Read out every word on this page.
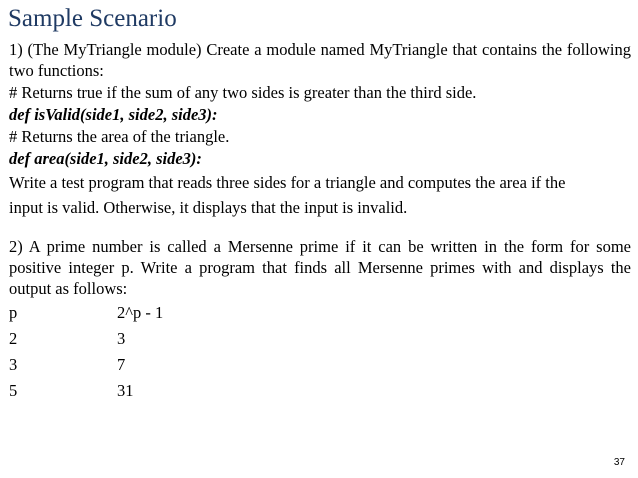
Sample Scenario
1) (The MyTriangle module) Create a module named MyTriangle that contains the following two functions:
# Returns true if the sum of any two sides is greater than the third side.
def isValid(side1, side2, side3):
# Returns the area of the triangle.
def area(side1, side2, side3):
Write a test program that reads three sides for a triangle and computes the area if the
input is valid. Otherwise, it displays that the input is invalid.
2) A prime number is called a Mersenne prime if it can be written in the form for some positive integer p. Write a program that finds all Mersenne primes with and displays the output as follows:
p	2^p - 1
2	3
3	7
5	31
37
